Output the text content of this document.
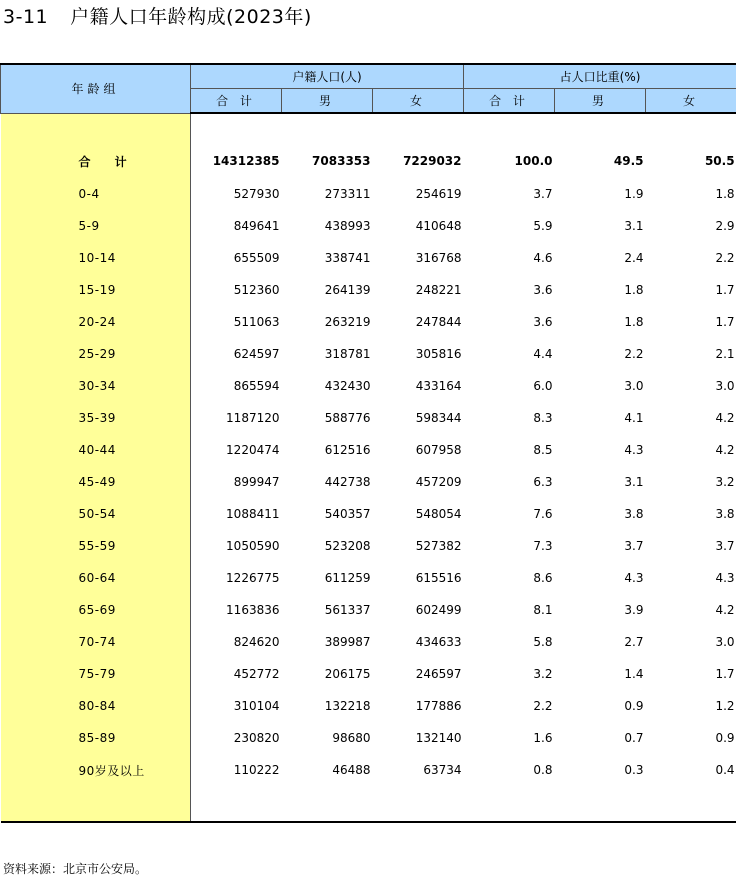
3-11 户籍人口年龄构成(2023年)
年龄组	户籍人口(人)			占人口比重(%)		
	合 计	男	女	合 计	男	女

合 计	14312385	7083353	7229032	100.0	49.5	50.5
0-4	527930	273311	254619	3.7	1.9	1.8
5-9	849641	438993	410648	5.9	3.1	2.9
10-14	655509	338741	316768	4.6	2.4	2.2
15-19	512360	264139	248221	3.6	1.8	1.7
20-24	511063	263219	247844	3.6	1.8	1.7
25-29	624597	318781	305816	4.4	2.2	2.1
30-34	865594	432430	433164	6.0	3.0	3.0
35-39	1187120	588776	598344	8.3	4.1	4.2
40-44	1220474	612516	607958	8.5	4.3	4.2
45-49	899947	442738	457209	6.3	3.1	3.2
50-54	1088411	540357	548054	7.6	3.8	3.8
55-59	1050590	523208	527382	7.3	3.7	3.7
60-64	1226775	611259	615516	8.6	4.3	4.3
65-69	1163836	561337	602499	8.1	3.9	4.2
70-74	824620	389987	434633	5.8	2.7	3.0
75-79	452772	206175	246597	3.2	1.4	1.7
80-84	310104	132218	177886	2.2	0.9	1.2
85-89	230820	98680	132140	1.6	0.7	0.9
90岁及以上	110222	46488	63734	0.8	0.3	0.4

资料来源：北京市公安局。
